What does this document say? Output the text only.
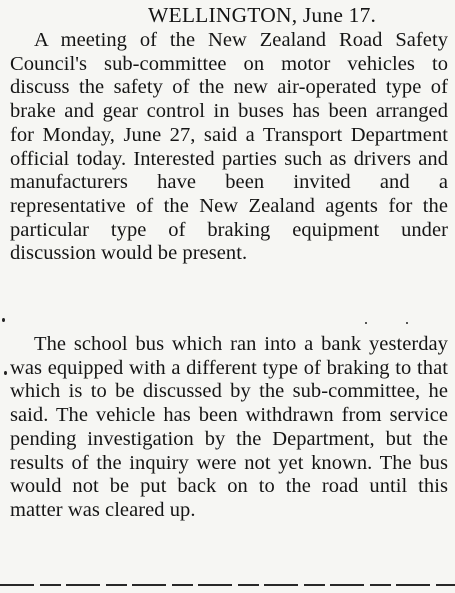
WELLINGTON, June 17.

A meeting of the New Zealand Road Safety Council's sub-committee on motor vehicles to discuss the safety of the new air-operated type of brake and gear control in buses has been arranged for Monday, June 27, said a Transport Department official today. Interested parties such as drivers and manufacturers have been invited and a representative of the New Zealand agents for the particular type of braking equipment under discussion would be present.

The school bus which ran into a bank yesterday was equipped with a different type of braking to that which is to be discussed by the sub-committee, he said. The vehicle has been withdrawn from service pending investigation by the Department, but the results of the inquiry were not yet known. The bus would not be put back on to the road until this matter was cleared up.
